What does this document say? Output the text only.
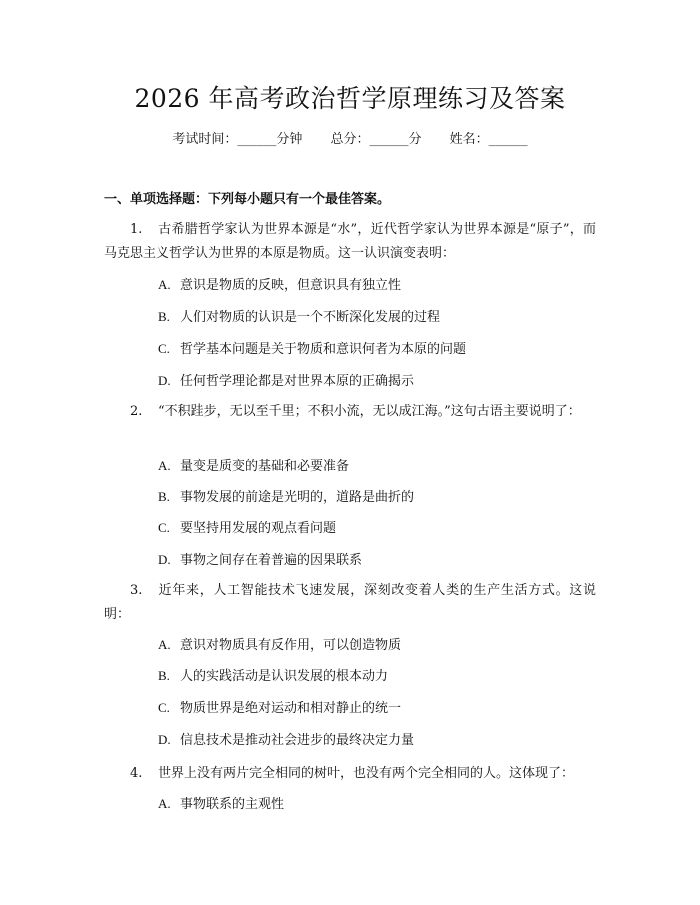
2026 年高考政治哲学原理练习及答案
考试时间：______分钟 总分：______分 姓名：______
一、单项选择题：下列每小题只有一个最佳答案。
1. 古希腊哲学家认为世界本源是“水”，近代哲学家认为世界本源是“原子”，而马克思主义哲学认为世界的本原是物质。这一认识演变表明：
A. 意识是物质的反映，但意识具有独立性
B. 人们对物质的认识是一个不断深化发展的过程
C. 哲学基本问题是关于物质和意识何者为本原的问题
D. 任何哲学理论都是对世界本原的正确揭示
2. “不积跬步，无以至千里；不积小流，无以成江海。”这句古语主要说明了：
A. 量变是质变的基础和必要准备
B. 事物发展的前途是光明的，道路是曲折的
C. 要坚持用发展的观点看问题
D. 事物之间存在着普遍的因果联系
3. 近年来，人工智能技术飞速发展，深刻改变着人类的生产生活方式。这说明：
A. 意识对物质具有反作用，可以创造物质
B. 人的实践活动是认识发展的根本动力
C. 物质世界是绝对运动和相对静止的统一
D. 信息技术是推动社会进步的最终决定力量
4. 世界上没有两片完全相同的树叶，也没有两个完全相同的人。这体现了：
A. 事物联系的主观性
